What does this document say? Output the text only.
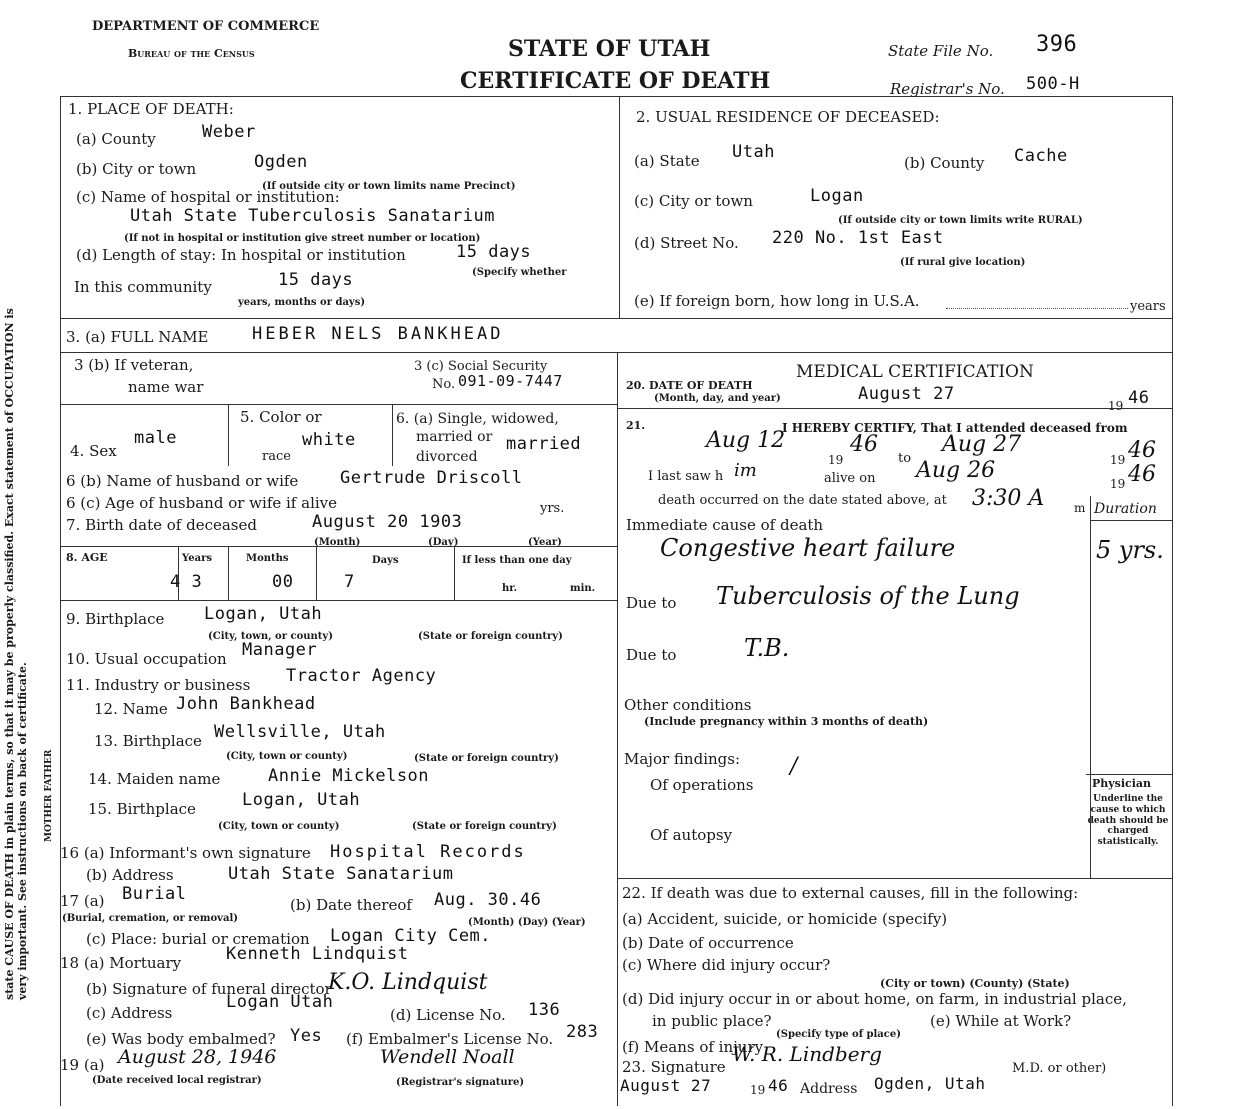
state CAUSE OF DEATH in plain terms, so that it may be properly classified. Exact statement of OCCUPATION is very important. See instructions on back of certificate. MOTHER FATHER
DEPARTMENT OF COMMERCE
Bureau of the Census	STATE OF UTAH
CERTIFICATE OF DEATH
State File No. 396
Registrar's No. 500-H
1. PLACE OF DEATH:
(a) County	Weber
(b) City or town	Ogden
(If outside city or town limits name Precinct)
(c) Name of hospital or institution:
Utah State Tuberculosis Sanatarium
(If not in hospital or institution give street number or location)
(d) Length of stay: In hospital or institution	15 days
(Specify whether
In this community	15 days
years, months or days)
2. USUAL RESIDENCE OF DECEASED:
(a) State Utah
(b) County Cache
(c) City or town	Logan
(If outside city or town limits write RURAL)
(d) Street No. 220 No. 1st East
(If rural give location)
(e) If foreign born, how long in U.S.A.	years
3. (a) FULL NAME	HEBER NELS BANKHEAD
3 (b) If veteran,
name war
3 (c) Social Security
No. 091-09-7447
4. Sex
male
5. Color or
race
white
6. (a) Single, widowed,
married or
divorced
married
6 (b) Name of husband or wife Gertrude Driscoll
6 (c) Age of husband or wife if alive	yrs.
7. Birth date of deceased	August 20 1903
(Month)	(Day)	(Year)
8. AGE	Years	Months	Days	If less than one day
4 3	00	7	hr.	min.
9. Birthplace Logan, Utah
(City, town, or county)	(State or foreign country)
10. Usual occupation Manager
11. Industry or business Tractor Agency
12. Name John Bankhead
13. Birthplace Wellsville, Utah
(City, town or county)	(State or foreign country)
14. Maiden name	Annie Mickelson
15. Birthplace	Logan, Utah
(City, town or county)	(State or foreign country)
16 (a) Informant's own signature Hospital Records
(b) Address	Utah State Sanatarium
17 (a) Burial
(Burial, cremation, or removal)
(b) Date thereof Aug. 30.46
(Month) (Day) (Year)
(c) Place: burial or cremation Logan City Cem.
18 (a) Mortuary	Kenneth Lindquist
(b) Signature of funeral director
K.O. Lindquist
(c) Address
Logan Utah
(d) License No. 136
(e) Was body embalmed? Yes (f) Embalmer's License No. 283
19 (a) August 28, 1946	Wendell Noall
(Date received local registrar)	(Registrar's signature)
MEDICAL CERTIFICATION
20. DATE OF DEATH
(Month, day, and year)	August 27
19 46
21.	I HEREBY CERTIFY, That I attended deceased from
Aug 12
19
46
to
Aug 27
19 46
I last saw h im	alive on Aug 26
19 46
death occurred on the date stated above, at 3:30 A m Duration
Immediate cause of death
Congestive heart failure	5 yrs.
Due to Tuberculosis of the Lung
Due to	T.B.
Other conditions
(Include pregnancy within 3 months of death)
Major findings:
Of operations
/
Of autopsy
Physician
Underline the cause to which death should be charged statistically.
22. If death was due to external causes, fill in the following:
(a) Accident, suicide, or homicide (specify)
(b) Date of occurrence
(c) Where did injury occur?
(City or town) (County) (State)
(d) Did injury occur in or about home, on farm, in industrial place,
in public place?	(e) While at Work?
(Specify type of place)
(f) Means of injury
23. Signature
W. R. Lindberg
M.D. or other)
August 27	19 46 Address Ogden, Utah
